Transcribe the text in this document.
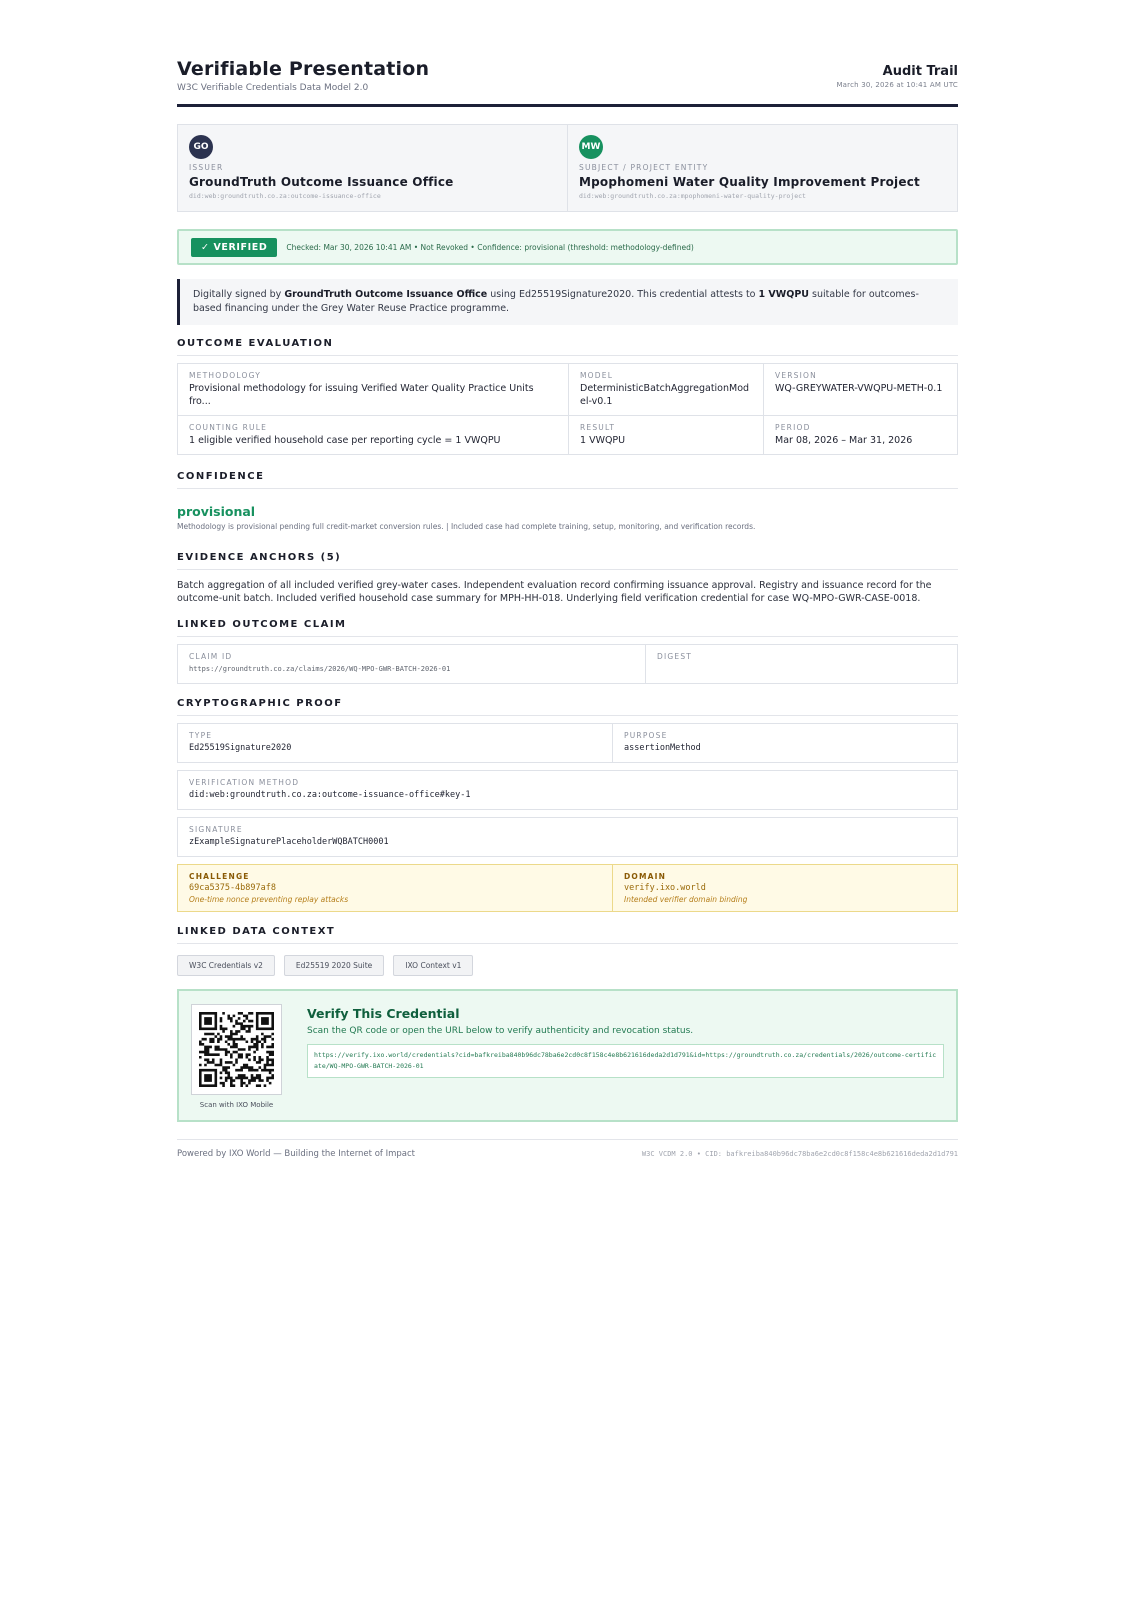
Verifiable Presentation
W3C Verifiable Credentials Data Model 2.0
Audit Trail
March 30, 2026 at 10:41 AM UTC
GO
ISSUER
GroundTruth Outcome Issuance Office
did:web:groundtruth.co.za:outcome-issuance-office
MW
SUBJECT / PROJECT ENTITY
Mpophomeni Water Quality Improvement Project
did:web:groundtruth.co.za:mpophomeni-water-quality-project
✓ VERIFIED	Checked: Mar 30, 2026 10:41 AM • Not Revoked • Confidence: provisional (threshold: methodology-defined)
Digitally signed by GroundTruth Outcome Issuance Office using Ed25519Signature2020. This credential attests to 1 VWQPU suitable for outcomes-based financing under the Grey Water Reuse Practice programme.
OUTCOME EVALUATION
METHODOLOGY
Provisional methodology for issuing Verified Water Quality Practice Units fro...
MODEL
DeterministicBatchAggregationModel-v0.1
VERSION
WQ-GREYWATER-VWQPU-METH-0.1
COUNTING RULE
1 eligible verified household case per reporting cycle = 1 VWQPU
RESULT
1 VWQPU
PERIOD
Mar 08, 2026 – Mar 31, 2026
CONFIDENCE
provisional
Methodology is provisional pending full credit-market conversion rules. | Included case had complete training, setup, monitoring, and verification records.
EVIDENCE ANCHORS (5)
Batch aggregation of all included verified grey-water cases. Independent evaluation record confirming issuance approval. Registry and issuance record for the outcome-unit batch. Included verified household case summary for MPH-HH-018. Underlying field verification credential for case WQ-MPO-GWR-CASE-0018.
LINKED OUTCOME CLAIM
CLAIM ID
https://groundtruth.co.za/claims/2026/WQ-MPO-GWR-BATCH-2026-01
DIGEST
CRYPTOGRAPHIC PROOF
TYPE
Ed25519Signature2020
PURPOSE
assertionMethod
VERIFICATION METHOD
did:web:groundtruth.co.za:outcome-issuance-office#key-1
SIGNATURE
zExampleSignaturePlaceholderWQBATCH0001
CHALLENGE
69ca5375-4b897af8
One-time nonce preventing replay attacks
DOMAIN
verify.ixo.world
Intended verifier domain binding
LINKED DATA CONTEXT
W3C Credentials v2	Ed25519 2020 Suite	IXO Context v1
Scan with IXO Mobile
Verify This Credential
Scan the QR code or open the URL below to verify authenticity and revocation status.
https://verify.ixo.world/credentials?cid=bafkreiba840b96dc78ba6e2cd0c8f158c4e8b621616deda2d1d791&id=https://groundtruth.co.za/credentials/2026/outcome-certificate/WQ-MPO-GWR-BATCH-2026-01
Powered by IXO World — Building the Internet of Impact	W3C VCDM 2.0 • CID: bafkreiba840b96dc78ba6e2cd0c8f158c4e8b621616deda2d1d791
